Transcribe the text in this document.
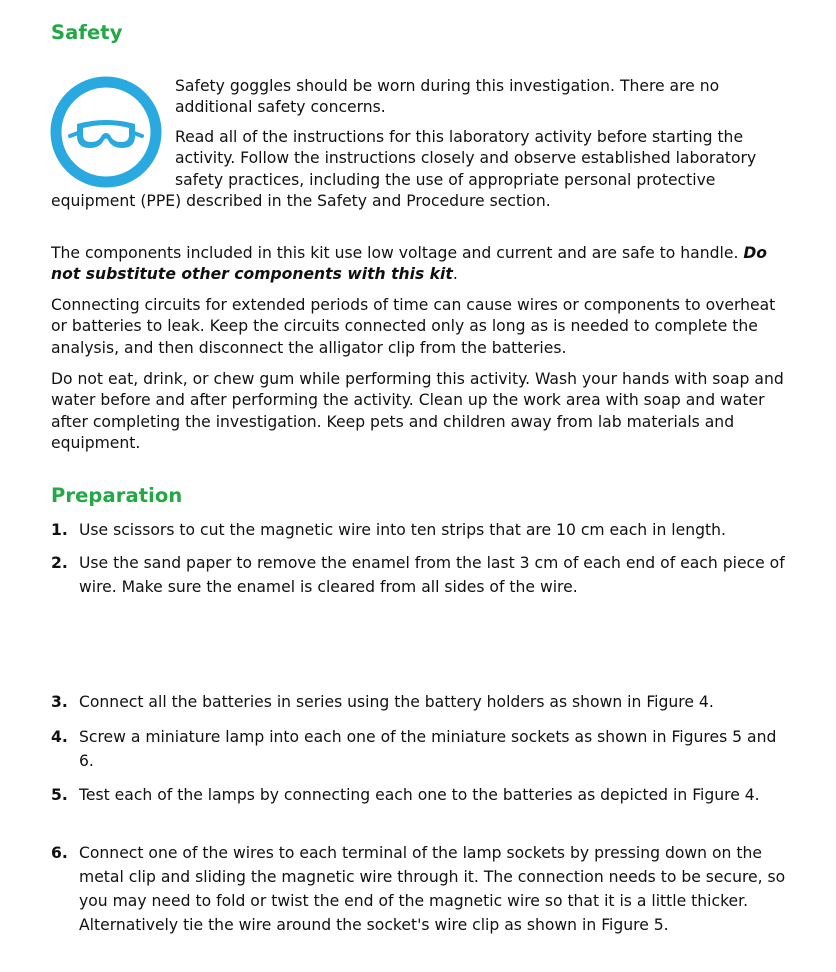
Safety

Safety goggles should be worn during this investigation. There are no additional safety concerns.

Read all of the instructions for this laboratory activity before starting the activity. Follow the instructions closely and observe established laboratory safety practices, including the use of appropriate personal protective equipment (PPE) described in the Safety and Procedure section.

The components included in this kit use low voltage and current and are safe to handle. Do not substitute other components with this kit.

Connecting circuits for extended periods of time can cause wires or components to overheat or batteries to leak. Keep the circuits connected only as long as is needed to complete the analysis, and then disconnect the alligator clip from the batteries.

Do not eat, drink, or chew gum while performing this activity. Wash your hands with soap and water before and after performing the activity. Clean up the work area with soap and water after completing the investigation. Keep pets and children away from lab materials and equipment.

Preparation
1. Use scissors to cut the magnetic wire into ten strips that are 10 cm each in length.
2. Use the sand paper to remove the enamel from the last 3 cm of each end of each piece of wire. Make sure the enamel is cleared from all sides of the wire.
3. Connect all the batteries in series using the battery holders as shown in Figure 4.
4. Screw a miniature lamp into each one of the miniature sockets as shown in Figures 5 and 6.
5. Test each of the lamps by connecting each one to the batteries as depicted in Figure 4.
6. Connect one of the wires to each terminal of the lamp sockets by pressing down on the metal clip and sliding the magnetic wire through it. The connection needs to be secure, so you may need to fold or twist the end of the magnetic wire so that it is a little thicker. Alternatively tie the wire around the socket's wire clip as shown in Figure 5.
